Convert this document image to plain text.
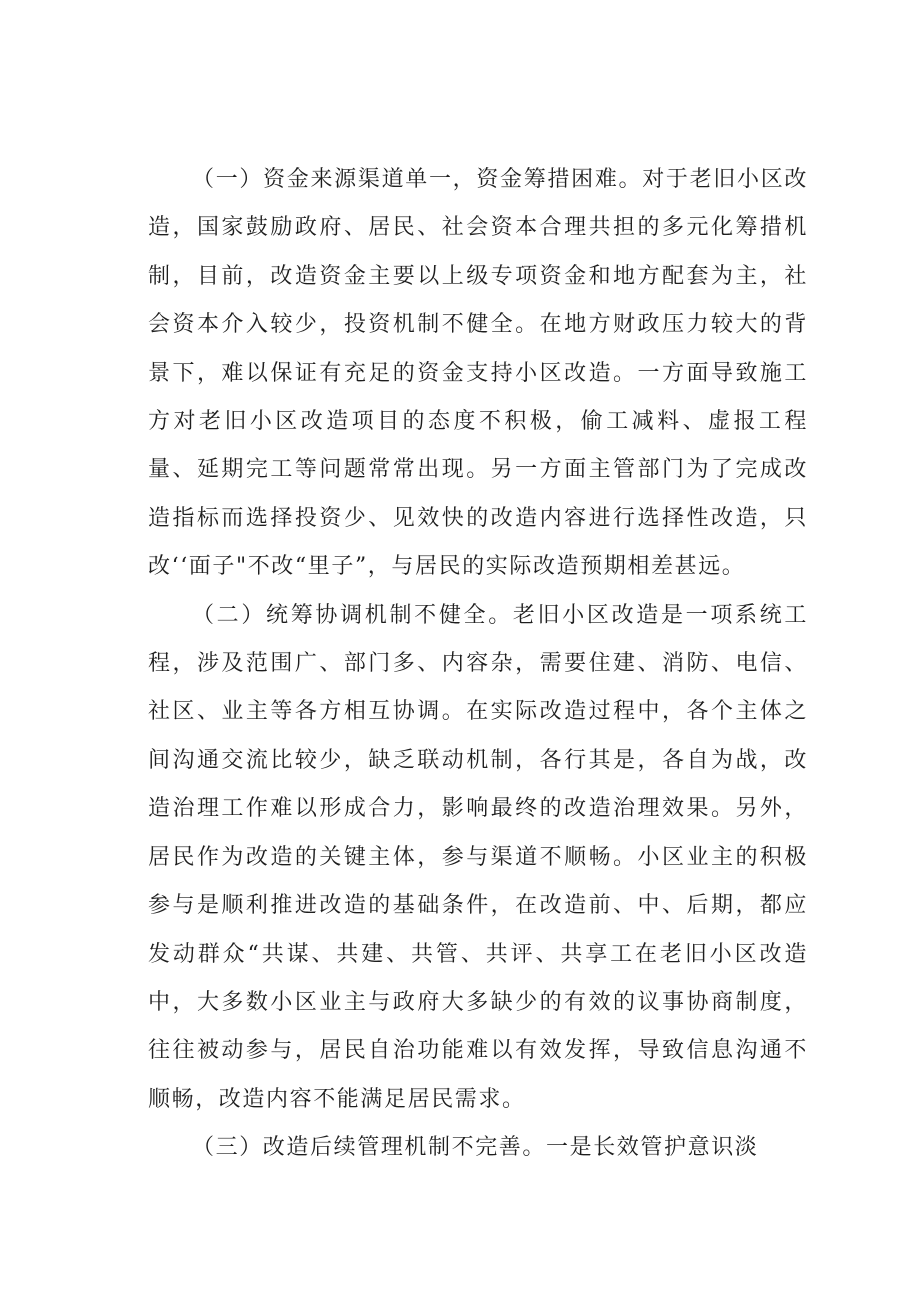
（一）资金来源渠道单一，资金筹措困难。对于老旧小区改造，国家鼓励政府、居民、社会资本合理共担的多元化筹措机制，目前，改造资金主要以上级专项资金和地方配套为主，社会资本介入较少，投资机制不健全。在地方财政压力较大的背景下，难以保证有充足的资金支持小区改造。一方面导致施工方对老旧小区改造项目的态度不积极，偷工减料、虚报工程量、延期完工等问题常常出现。另一方面主管部门为了完成改造指标而选择投资少、见效快的改造内容进行选择性改造，只改‘‘面子"不改“里子”，与居民的实际改造预期相差甚远。

（二）统筹协调机制不健全。老旧小区改造是一项系统工程，涉及范围广、部门多、内容杂，需要住建、消防、电信、社区、业主等各方相互协调。在实际改造过程中，各个主体之间沟通交流比较少，缺乏联动机制，各行其是，各自为战，改造治理工作难以形成合力，影响最终的改造治理效果。另外，居民作为改造的关键主体，参与渠道不顺畅。小区业主的积极参与是顺利推进改造的基础条件，在改造前、中、后期，都应发动群众“共谋、共建、共管、共评、共享工在老旧小区改造中，大多数小区业主与政府大多缺少的有效的议事协商制度，往往被动参与，居民自治功能难以有效发挥，导致信息沟通不顺畅，改造内容不能满足居民需求。

（三）改造后续管理机制不完善。一是长效管护意识淡
